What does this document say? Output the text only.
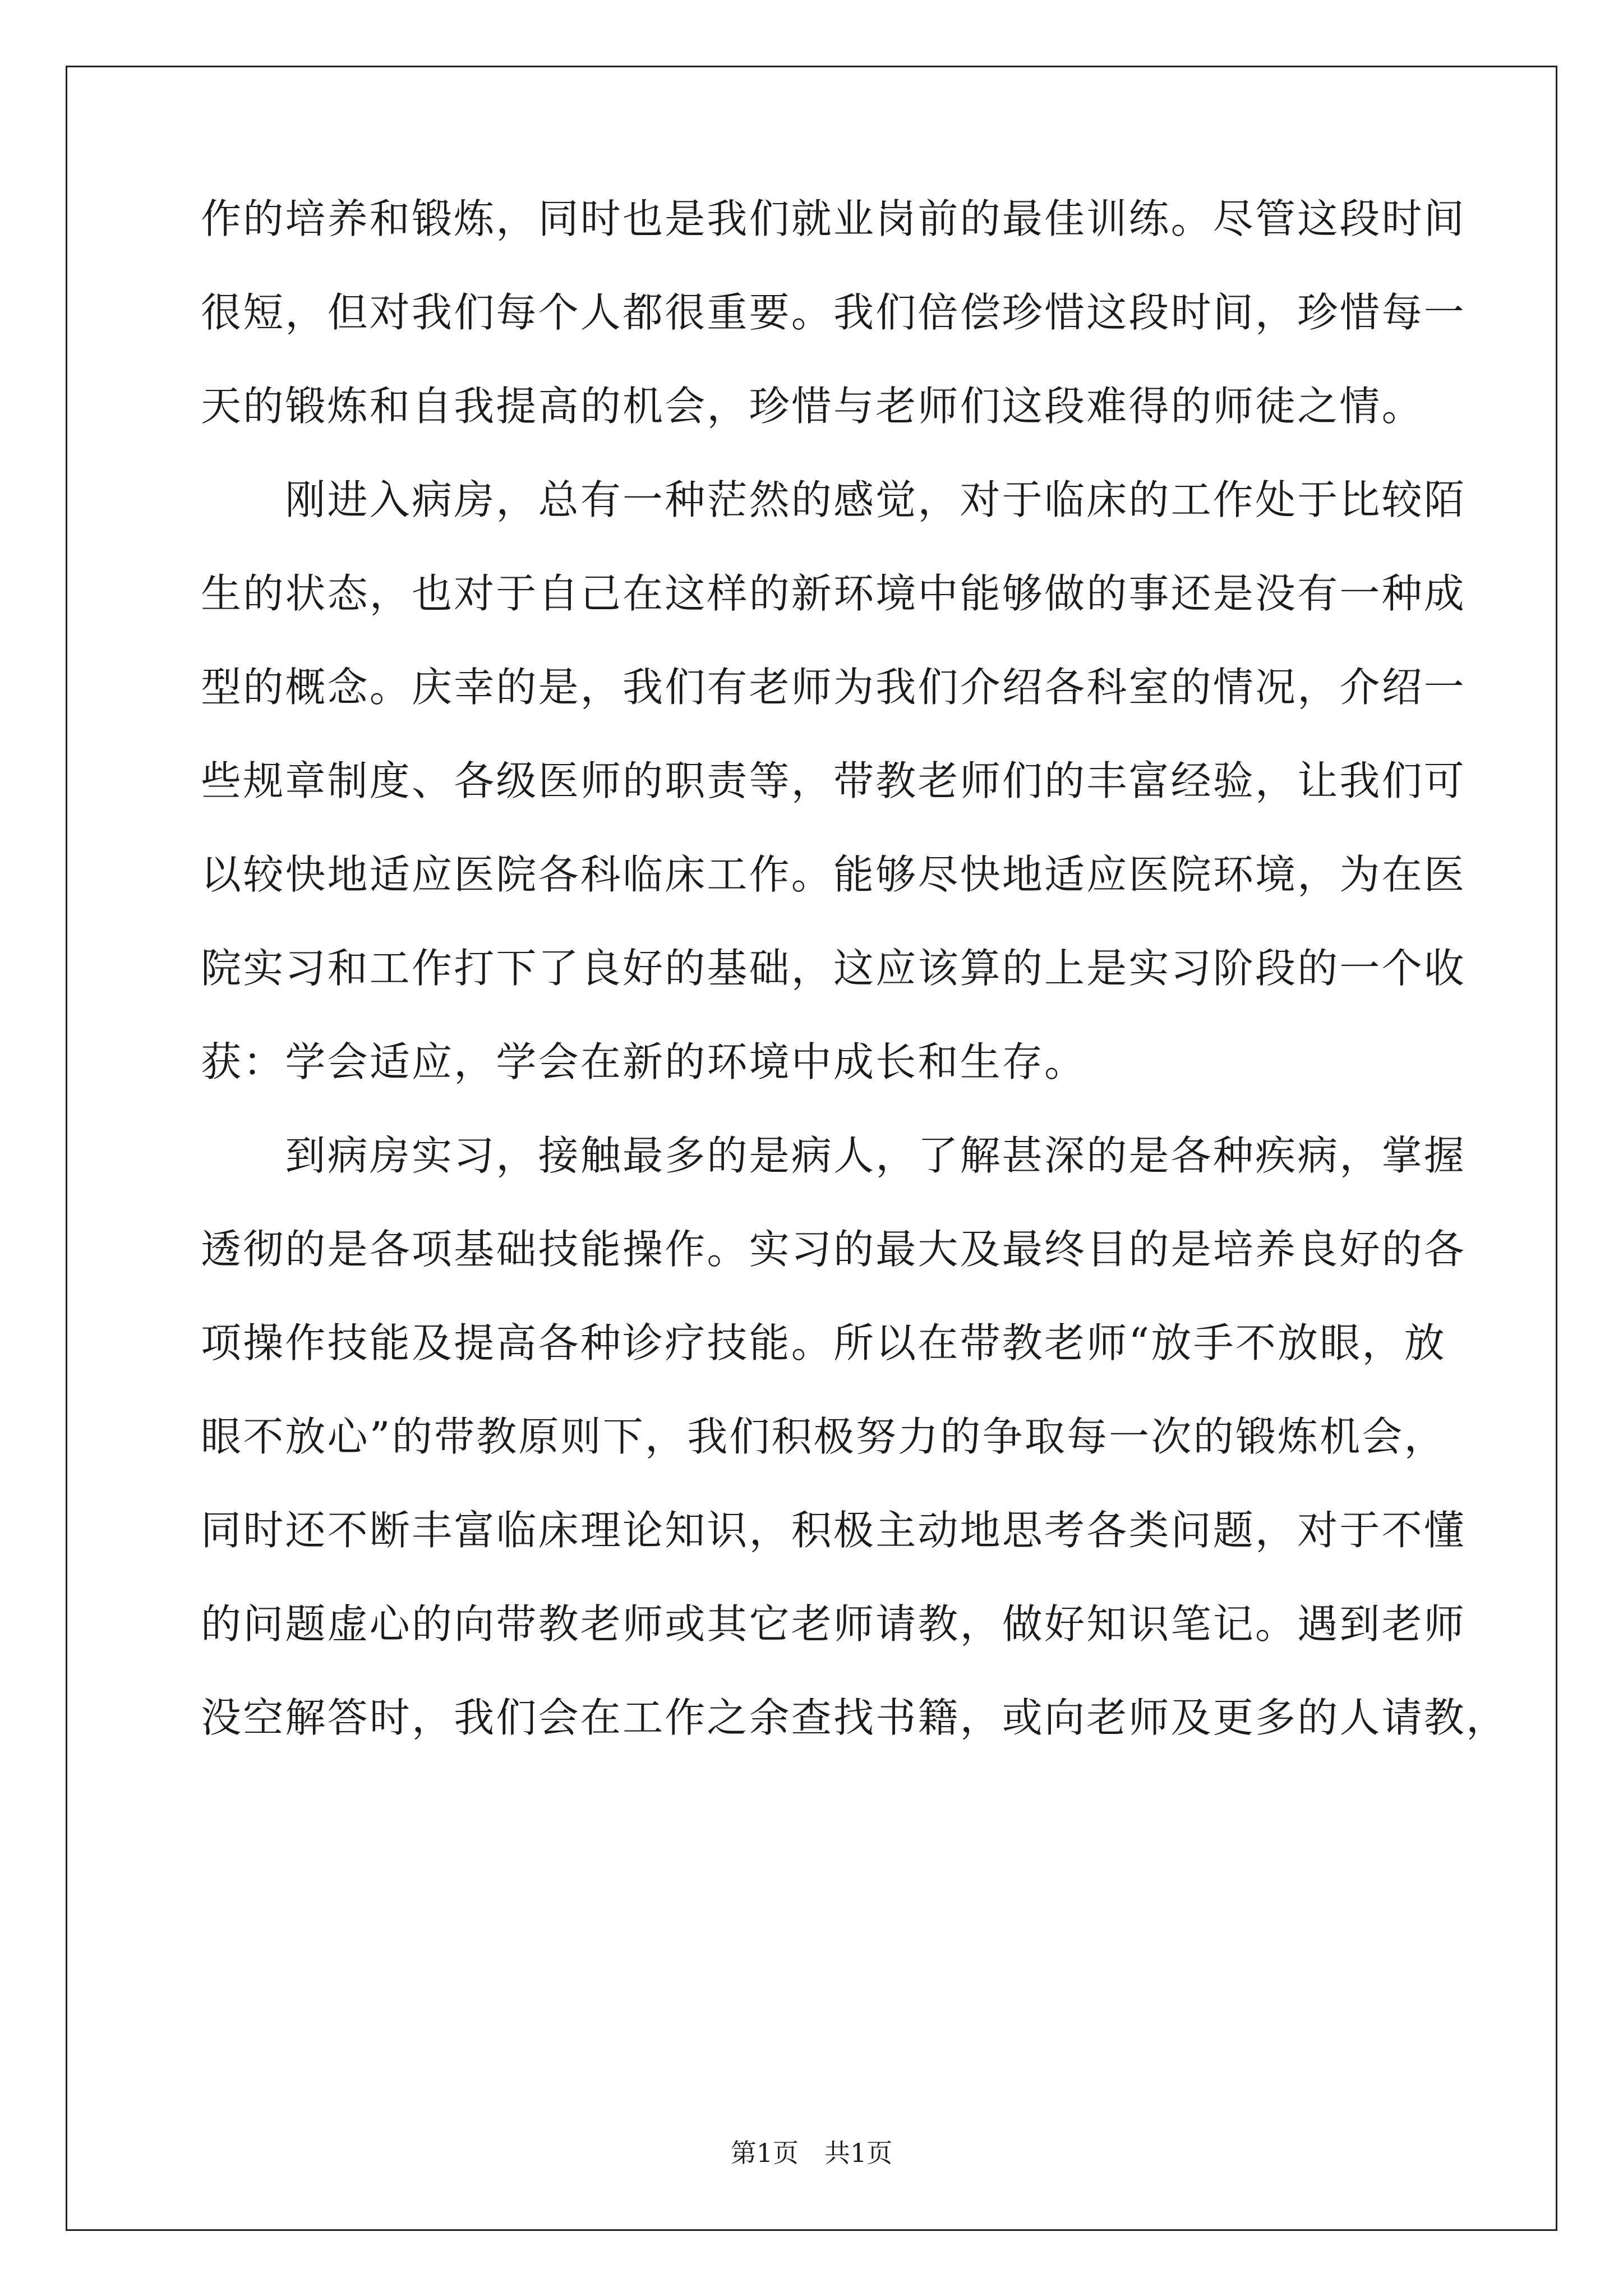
作的培养和锻炼，同时也是我们就业岗前的最佳训练。尽管这段时间
很短，但对我们每个人都很重要。我们倍偿珍惜这段时间，珍惜每一
天的锻炼和自我提高的机会，珍惜与老师们这段难得的师徒之情。
　　刚进入病房，总有一种茫然的感觉，对于临床的工作处于比较陌
生的状态，也对于自己在这样的新环境中能够做的事还是没有一种成
型的概念。庆幸的是，我们有老师为我们介绍各科室的情况，介绍一
些规章制度、各级医师的职责等，带教老师们的丰富经验，让我们可
以较快地适应医院各科临床工作。能够尽快地适应医院环境，为在医
院实习和工作打下了良好的基础，这应该算的上是实习阶段的一个收
获：学会适应，学会在新的环境中成长和生存。
　　到病房实习，接触最多的是病人，了解甚深的是各种疾病，掌握
透彻的是各项基础技能操作。实习的最大及最终目的是培养良好的各
项操作技能及提高各种诊疗技能。所以在带教老师“放手不放眼，放
眼不放心”的带教原则下，我们积极努力的争取每一次的锻炼机会，
同时还不断丰富临床理论知识，积极主动地思考各类问题，对于不懂
的问题虚心的向带教老师或其它老师请教，做好知识笔记。遇到老师
没空解答时，我们会在工作之余查找书籍，或向老师及更多的人请教，
第1页　共1页
